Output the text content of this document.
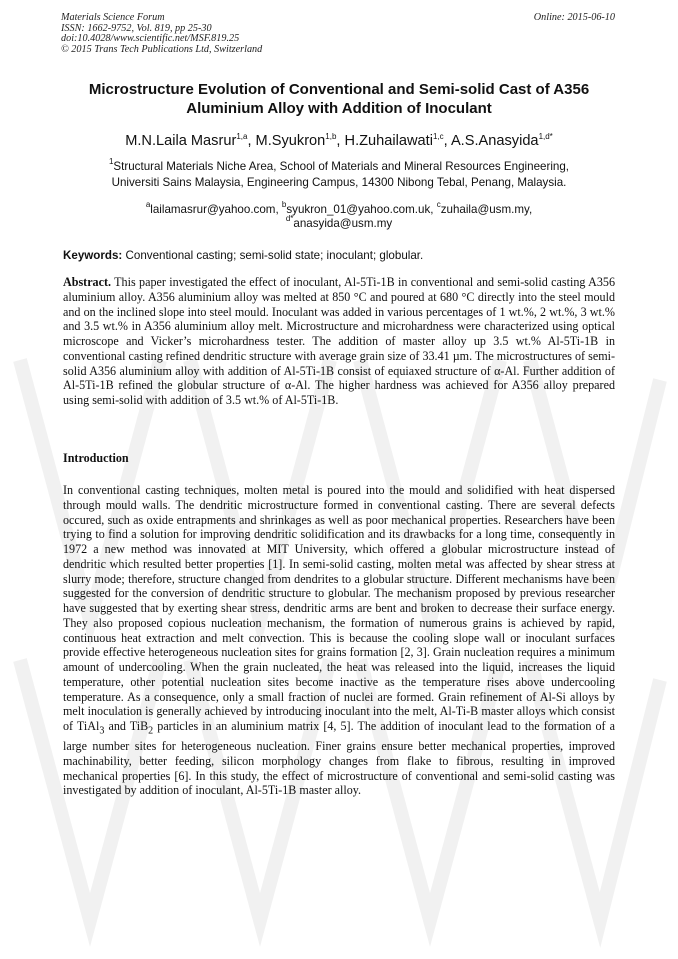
Materials Science Forum
ISSN: 1662-9752, Vol. 819, pp 25-30
doi:10.4028/www.scientific.net/MSF.819.25
© 2015 Trans Tech Publications Ltd, Switzerland
Online: 2015-06-10
Microstructure Evolution of Conventional and Semi-solid Cast of A356
Aluminium Alloy with Addition of Inoculant
M.N.Laila Masrur$^{1,a}$, M.Syukron$^{1,b}$, H.Zuhailawati$^{1,c}$, A.S.Anasyida$^{1,d*}$
$^1$Structural Materials Niche Area, School of Materials and Mineral Resources Engineering,
Universiti Sains Malaysia, Engineering Campus, 14300 Nibong Tebal, Penang, Malaysia.
$^a$lailamasrur@yahoo.com, $^b$syukron_01@yahoo.com.uk, $^c$zuhaila@usm.my,
$^{d*}$anasyida@usm.my
Keywords: Conventional casting; semi-solid state; inoculant; globular.
Abstract. This paper investigated the effect of inoculant, Al-5Ti-1B in conventional and semi-solid casting A356 aluminium alloy. A356 aluminium alloy was melted at 850 °C and poured at 680 °C directly into the steel mould and on the inclined slope into steel mould. Inoculant was added in various percentages of 1 wt.%, 2 wt.%, 3 wt.% and 3.5 wt.% in A356 aluminium alloy melt. Microstructure and microhardness were characterized using optical microscope and Vicker’s microhardness tester. The addition of master alloy up 3.5 wt.% Al-5Ti-1B in conventional casting refined dendritic structure with average grain size of 33.41 µm. The microstructures of semi-solid A356 aluminium alloy with addition of Al-5Ti-1B consist of equiaxed structure of α-Al. Further addition of Al-5Ti-1B refined the globular structure of α-Al. The higher hardness was achieved for A356 alloy prepared using semi-solid with addition of 3.5 wt.% of Al-5Ti-1B.
Introduction
In conventional casting techniques, molten metal is poured into the mould and solidified with heat dispersed through mould walls. The dendritic microstructure formed in conventional casting. There are several defects occured, such as oxide entrapments and shrinkages as well as poor mechanical properties. Researchers have been trying to find a solution for improving dendritic solidification and its drawbacks for a long time, consequently in 1972 a new method was innovated at MIT University, which offered a globular microstructure instead of dendritic which resulted better properties [1]. In semi-solid casting, molten metal was affected by shear stress at slurry mode; therefore, structure changed from dendrites to a globular structure. Different mechanisms have been suggested for the conversion of dendritic structure to globular. The mechanism proposed by previous researcher have suggested that by exerting shear stress, dendritic arms are bent and broken to decrease their surface energy. They also proposed copious nucleation mechanism, the formation of numerous grains is achieved by rapid, continuous heat extraction and melt convection. This is because the cooling slope wall or inoculant surfaces provide effective heterogeneous nucleation sites for grains formation [2, 3]. Grain nucleation requires a minimum amount of undercooling. When the grain nucleated, the heat was released into the liquid, increases the liquid temperature, other potential nucleation sites become inactive as the temperature rises above undercooling temperature. As a consequence, only a small fraction of nuclei are formed. Grain refinement of Al-Si alloys by melt inoculation is generally achieved by introducing inoculant into the melt, Al-Ti-B master alloys which consist of TiAl$_3$ and TiB$_2$ particles in an aluminium matrix [4, 5]. The addition of inoculant lead to the formation of a large number sites for heterogeneous nucleation. Finer grains ensure better mechanical properties, improved machinability, better feeding, silicon morphology changes from flake to fibrous, resulting in improved mechanical properties [6]. In this study, the effect of microstructure of conventional and semi-solid casting was investigated by addition of inoculant, Al-5Ti-1B master alloy.
